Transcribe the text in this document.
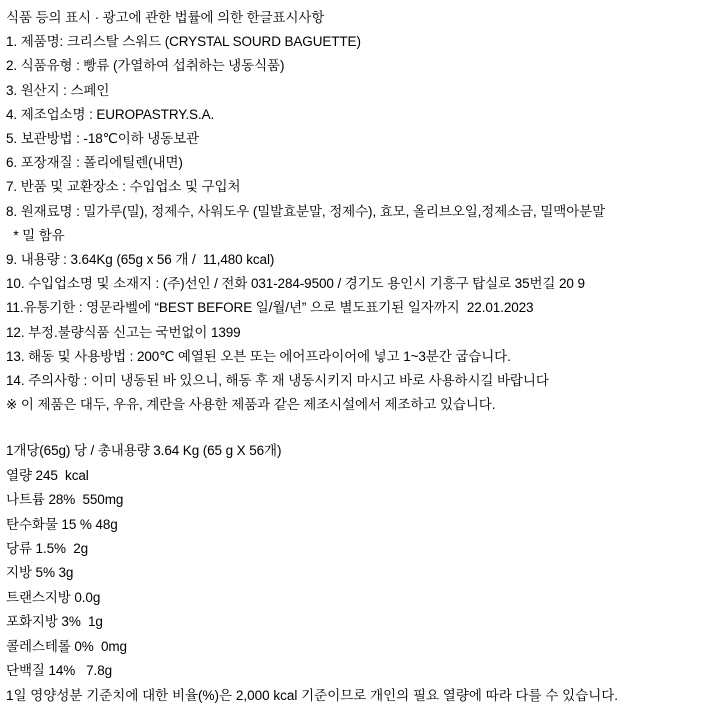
식품 등의 표시 · 광고에 관한 법률에 의한 한글표시사항
1. 제품명: 크리스탈 스워드 (CRYSTAL SOURD BAGUETTE)
2. 식품유형 : 빵류 (가열하여 섭취하는 냉동식품)
3. 원산지 : 스페인
4. 제조업소명 : EUROPASTRY.S.A.
5. 보관방법 : -18℃이하 냉동보관
6. 포장재질 : 폴리에틸렌(내면)
7. 반품 및 교환장소 : 수입업소 및 구입처
8. 원재료명 : 밀가루(밀), 정제수, 사워도우 (밀발효분말, 정제수), 효모, 올리브오일,정제소금, 밀맥아분말
* 밀 함유
9. 내용량 : 3.64Kg (65g x 56 개 /  11,480 kcal)
10. 수입업소명 및 소재지 : (주)선인 / 전화 031-284-9500 / 경기도 용인시 기흥구 탑실로 35번길 20 9
11.유통기한 : 영문라벨에 “BEST BEFORE 일/월/년” 으로 별도표기된 일자까지  22.01.2023
12. 부정.불량식품 신고는 국번없이 1399
13. 해동 및 사용방법 : 200℃ 예열된 오븐 또는 에어프라이어에 넣고 1~3분간 굽습니다.
14. 주의사항 : 이미 냉동된 바 있으니, 해동 후 재 냉동시키지 마시고 바로 사용하시길 바랍니다
※ 이 제품은 대두, 우유, 계란을 사용한 제품과 같은 제조시설에서 제조하고 있습니다.
1개당(65g) 당 / 총내용량 3.64 Kg (65 g X 56개)
열량 245  kcal
나트륨 28%  550mg
탄수화물 15 % 48g
당류 1.5%  2g
지방 5% 3g
트랜스지방 0.0g
포화지방 3%  1g
콜레스테롤 0%  0mg
단백질 14%   7.8g
1일 영양성분 기준치에 대한 비율(%)은 2,000 kcal 기준이므로 개인의 필요 열량에 따라 다를 수 있습니다.
